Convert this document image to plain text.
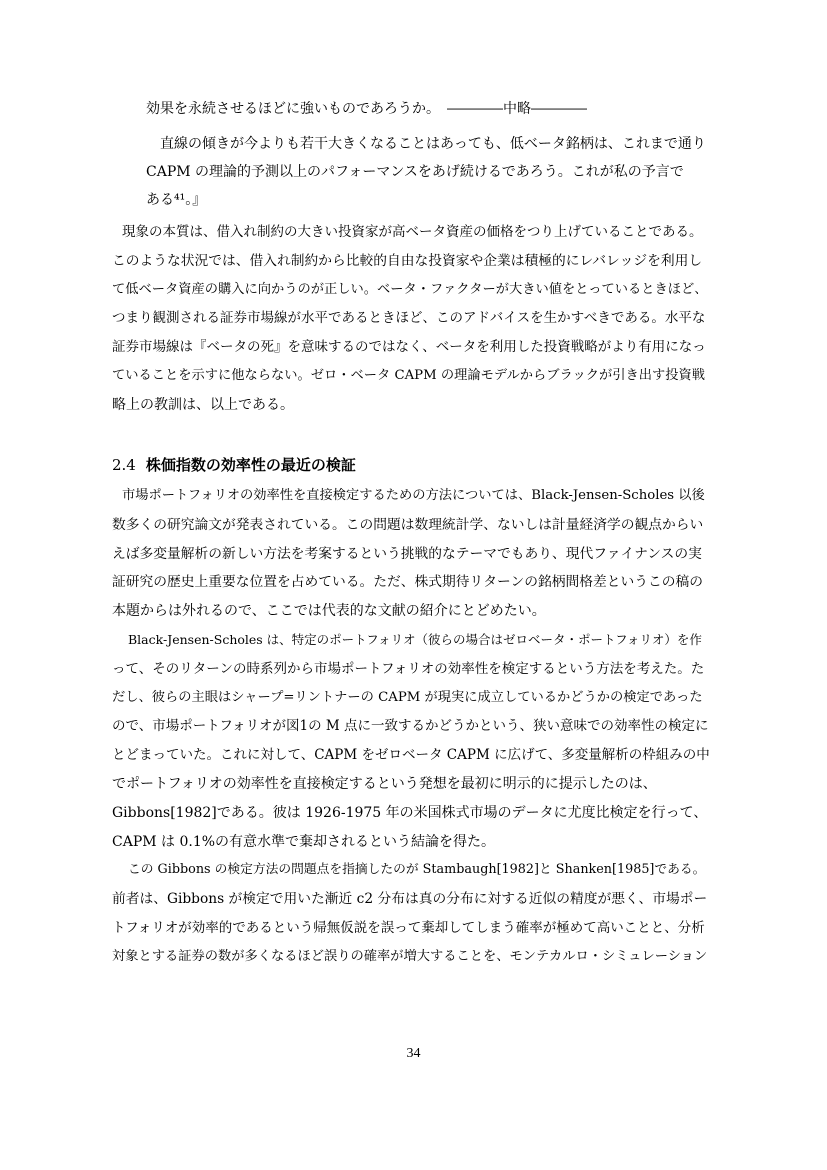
効果を永続させるほどに強いものであろうか。　――――中略――――
直線の傾きが今よりも若干大きくなることはあっても、低ベータ銘柄は、これまで通り
CAPM の理論的予測以上のパフォーマンスをあげ続けるであろう。これが私の予言で
ある⁴¹。』
現象の本質は、借入れ制約の大きい投資家が高ベータ資産の価格をつり上げていることである。
このような状況では、借入れ制約から比較的自由な投資家や企業は積極的にレバレッジを利用し
て低ベータ資産の購入に向かうのが正しい。ベータ・ファクターが大きい値をとっているときほど、
つまり観測される証券市場線が水平であるときほど、このアドバイスを生かすべきである。水平な
証券市場線は『ベータの死』を意味するのではなく、ベータを利用した投資戦略がより有用になっ
ていることを示すに他ならない。ゼロ・ベータ CAPM の理論モデルからブラックが引き出す投資戦
略上の教訓は、以上である。
2.4 株価指数の効率性の最近の検証
市場ポートフォリオの効率性を直接検定するための方法については、Black-Jensen-Scholes 以後
数多くの研究論文が発表されている。この問題は数理統計学、ないしは計量経済学の観点からい
えば多変量解析の新しい方法を考案するという挑戦的なテーマでもあり、現代ファイナンスの実
証研究の歴史上重要な位置を占めている。ただ、株式期待リターンの銘柄間格差というこの稿の
本題からは外れるので、ここでは代表的な文献の紹介にとどめたい。
Black-Jensen-Scholes は、特定のポートフォリオ（彼らの場合はゼロベータ・ポートフォリオ）を作
って、そのリターンの時系列から市場ポートフォリオの効率性を検定するという方法を考えた。た
だし、彼らの主眼はシャープ=リントナーの CAPM が現実に成立しているかどうかの検定であった
ので、市場ポートフォリオが図1の M 点に一致するかどうかという、狭い意味での効率性の検定に
とどまっていた。これに対して、CAPM をゼロベータ CAPM に広げて、多変量解析の枠組みの中
でポートフォリオの効率性を直接検定するという発想を最初に明示的に提示したのは、
Gibbons[1982]である。彼は 1926-1975 年の米国株式市場のデータに尤度比検定を行って、
CAPM は 0.1%の有意水準で棄却されるという結論を得た。
この Gibbons の検定方法の問題点を指摘したのが Stambaugh[1982]と Shanken[1985]である。
前者は、Gibbons が検定で用いた漸近 c2 分布は真の分布に対する近似の精度が悪く、市場ポー
トフォリオが効率的であるという帰無仮説を誤って棄却してしまう確率が極めて高いことと、分析
対象とする証券の数が多くなるほど誤りの確率が増大することを、モンテカルロ・シミュレーション
34
